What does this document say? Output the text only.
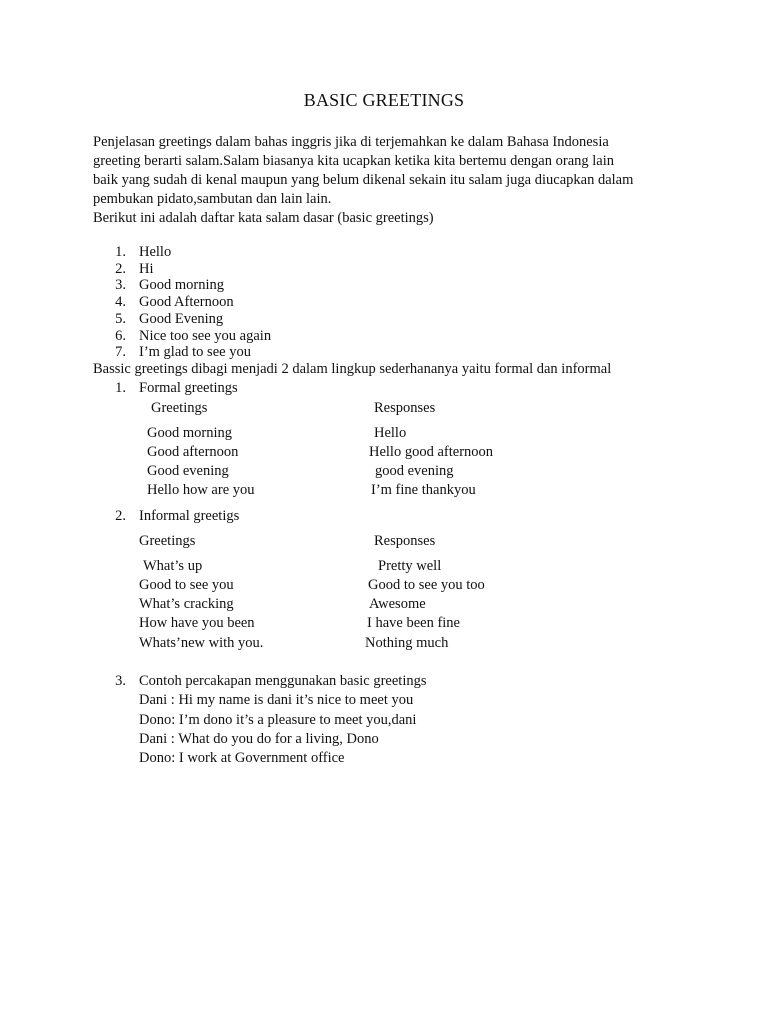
BASIC GREETINGS
Penjelasan greetings dalam bahas inggris jika di terjemahkan ke dalam Bahasa Indonesia
greeting berarti salam.Salam biasanya kita ucapkan ketika kita bertemu dengan orang lain
baik yang sudah di kenal maupun yang belum dikenal sekain itu salam juga diucapkan dalam
pembukan pidato,sambutan dan lain lain.
Berikut ini adalah daftar kata salam dasar (basic greetings)
1. Hello
2. Hi
3. Good morning
4. Good Afternoon
5. Good Evening
6. Nice too see you again
7. I’m glad to see you
Bassic greetings dibagi menjadi 2 dalam lingkup sederhananya yaitu formal dan informal
1. Formal greetings
Greetings	Responses
Good morning	Hello
Good afternoon	Hello good afternoon
Good evening	good evening
Hello how are you	I’m fine thankyou
2. Informal greetigs
Greetings	Responses
What’s up	Pretty well
Good to see you	Good to see you too
What’s cracking	Awesome
How have you been	I have been fine
Whats’new with you.	Nothing much
3. Contoh percakapan menggunakan basic greetings
Dani : Hi my name is dani it’s nice to meet you
Dono: I’m dono it’s a pleasure to meet you,dani
Dani : What do you do for a living, Dono
Dono: I work at Government office
